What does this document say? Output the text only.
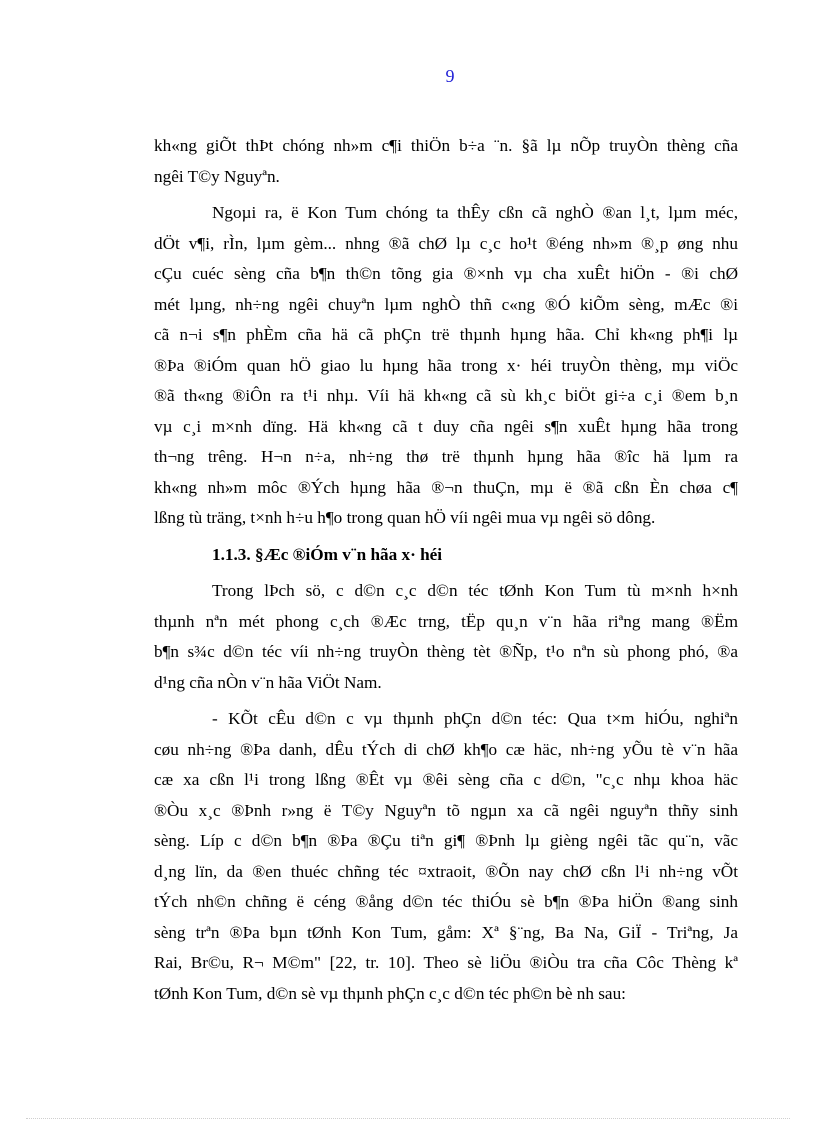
9
kh«ng giÕt thÞt chóng nh»m c¶i thiÖn b÷a ¨n. §ã lµ nÕp truyÒn thèng cña
ngêi T©y Nguyªn.
Ngoµi ra, ë Kon Tum chóng ta thÊy cßn cã nghÒ ®an l¸t, lµm méc,
dÖt v¶i, rÌn, lµm gèm... nhng ®ã chØ lµ c¸c ho¹t ®éng nh»m ®¸p øng nhu
cÇu cuéc sèng cña b¶n th©n tõng gia ®×nh vµ cha xuÊt hiÖn - ®i chØ
mét lµng, nh÷ng ngêi chuyªn lµm nghÒ thñ c«ng ®Ó kiÕm sèng, mÆc ®i
cã n¬i s¶n phÈm cña hä cã phÇn trë thµnh hµng hãa. Chỉ kh«ng ph¶i lµ
®Þa ®iÓm quan hÖ giao lu hµng hãa trong x· héi truyÒn thèng, mµ viÖc
®ã th«ng ®iÔn ra t¹i nhµ. Víi hä kh«ng cã sù kh¸c biÖt gi÷a c¸i ®em b¸n
vµ c¸i m×nh dïng. Hä kh«ng cã t duy cña ngêi s¶n xuÊt hµng hãa trong
th¬ng trêng. H¬n n÷a, nh÷ng thø trë thµnh hµng hãa ®îc hä lµm ra
kh«ng nh»m môc ®Ých hµng hãa ®¬n thuÇn, mµ ë ®ã cßn Èn chøa c¶
lßng tù träng, t×nh h÷u h¶o trong quan hÖ víi ngêi mua vµ ngêi sö dông.
1.1.3. §Æc ®iÓm v¨n hãa x· héi
Trong lÞch sö, c d©n c¸c d©n téc tØnh Kon Tum tù m×nh h×nh
thµnh nªn mét phong c¸ch ®Æc trng, tËp qu¸n v¨n hãa riªng mang ®Ëm
b¶n s¾c d©n téc víi nh÷ng truyÒn thèng tèt ®Ñp, t¹o nªn sù phong phó, ®a
d¹ng cña nÒn v¨n hãa ViÖt Nam.
- KÕt cÊu d©n c vµ thµnh phÇn d©n téc: Qua t×m hiÓu, nghiªn
cøu nh÷ng ®Þa danh, dÊu tÝch di chØ kh¶o cæ häc, nh÷ng yÕu tè v¨n hãa
cæ xa cßn l¹i trong lßng ®Êt vµ ®êi sèng cña c d©n, "c¸c nhµ khoa häc
®Òu x¸c ®Þnh r»ng ë T©y Nguyªn tõ ngµn xa cã ngêi nguyªn thñy sinh
sèng. Líp c d©n b¶n ®Þa ®Çu tiªn gi¶ ®Þnh lµ gièng ngêi tãc qu¨n, vãc
d¸ng lïn, da ®en thuéc chñng téc ¤xtraoit, ®Õn nay chØ cßn l¹i nh÷ng vÕt
tÝch nh©n chñng ë céng ®ång d©n téc thiÓu sè b¶n ®Þa hiÖn ®ang sinh
sèng trªn ®Þa bµn tØnh Kon Tum, gåm: Xª §¨ng, Ba Na, GiÏ - Triªng, Ja
Rai, Br©u, R¬ M©m" [22, tr. 10]. Theo sè liÖu ®iÒu tra cña Côc Thèng kª
tØnh Kon Tum, d©n sè vµ thµnh phÇn c¸c d©n téc ph©n bè nh sau:
